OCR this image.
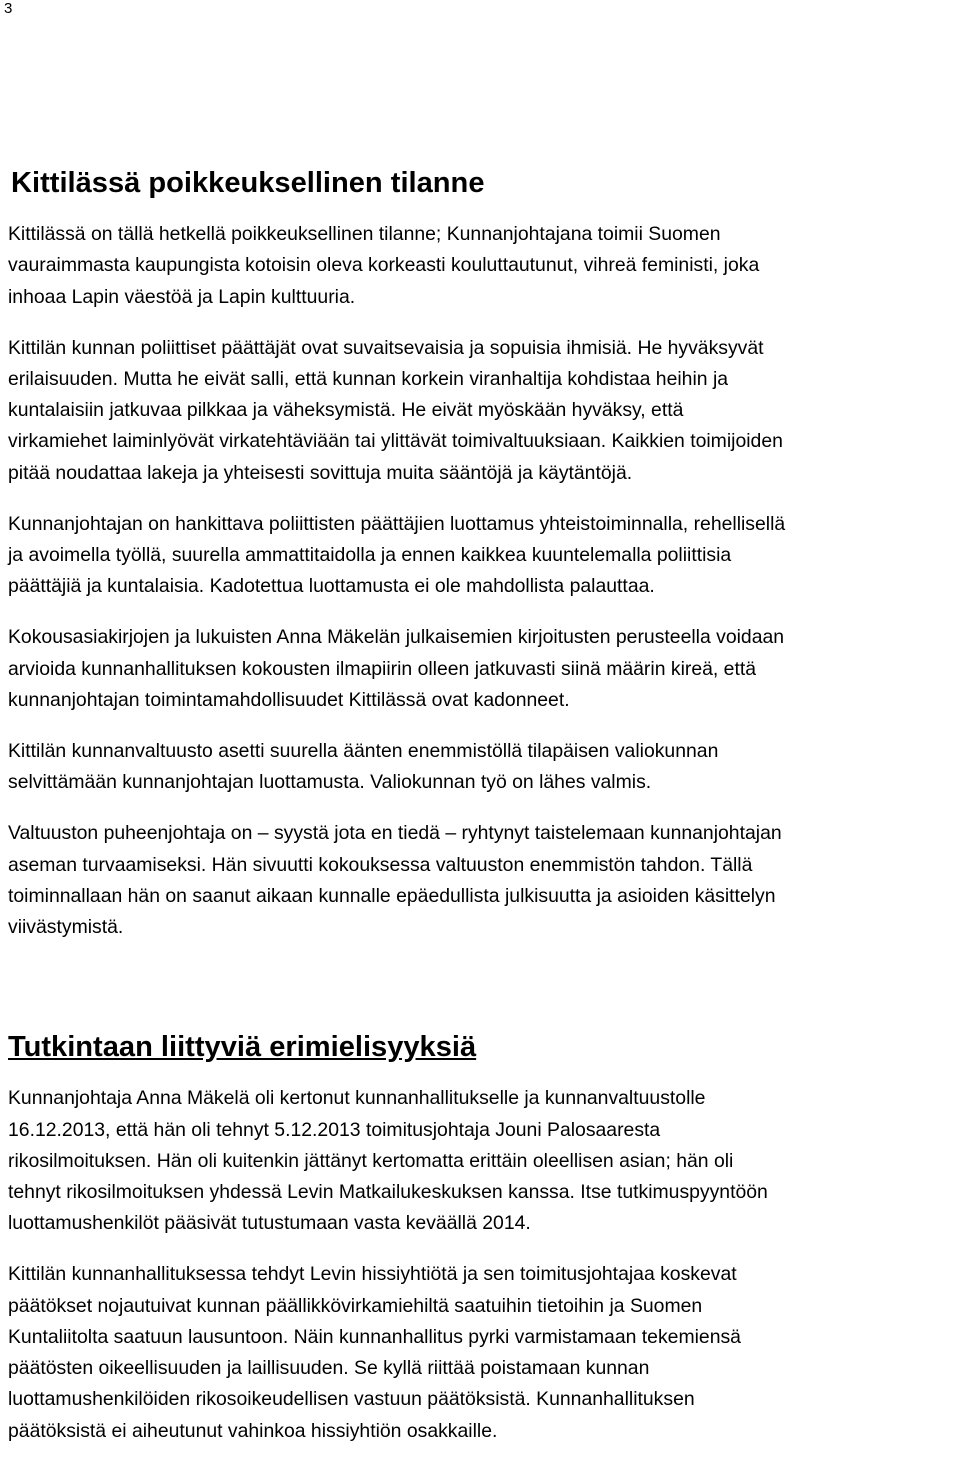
3
Kittilässä poikkeuksellinen tilanne

Kittilässä on tällä hetkellä poikkeuksellinen tilanne; Kunnanjohtajana toimii Suomen
vauraimmasta kaupungista kotoisin oleva korkeasti kouluttautunut, vihreä feministi, joka
inhoaa Lapin väestöä ja Lapin kulttuuria.

Kittilän kunnan poliittiset päättäjät ovat suvaitsevaisia ja sopuisia ihmisiä. He hyväksyvät
erilaisuuden. Mutta he eivät salli, että kunnan korkein viranhaltija kohdistaa heihin ja
kuntalaisiin jatkuvaa pilkkaa ja väheksymistä. He eivät myöskään hyväksy, että
virkamiehet laiminlyövät virkatehtäviään tai ylittävät toimivaltuuksiaan. Kaikkien toimijoiden
pitää noudattaa lakeja ja yhteisesti sovittuja muita sääntöjä ja käytäntöjä.

Kunnanjohtajan on hankittava poliittisten päättäjien luottamus yhteistoiminnalla, rehellisellä
ja avoimella työllä, suurella ammattitaidolla ja ennen kaikkea kuuntelemalla poliittisia
päättäjiä ja kuntalaisia. Kadotettua luottamusta ei ole mahdollista palauttaa.

Kokousasiakirjojen ja lukuisten Anna Mäkelän julkaisemien kirjoitusten perusteella voidaan
arvioida kunnanhallituksen kokousten ilmapiirin olleen jatkuvasti siinä määrin kireä, että
kunnanjohtajan toimintamahdollisuudet Kittilässä ovat kadonneet.

Kittilän kunnanvaltuusto asetti suurella äänten enemmistöllä tilapäisen valiokunnan
selvittämään kunnanjohtajan luottamusta. Valiokunnan työ on lähes valmis.

Valtuuston puheenjohtaja on – syystä jota en tiedä – ryhtynyt taistelemaan kunnanjohtajan
aseman turvaamiseksi. Hän sivuutti kokouksessa valtuuston enemmistön tahdon. Tällä
toiminnallaan hän on saanut aikaan kunnalle epäedullista julkisuutta ja asioiden käsittelyn
viivästymistä.

Tutkintaan liittyviä erimielisyyksiä

Kunnanjohtaja Anna Mäkelä oli kertonut kunnanhallitukselle ja kunnanvaltuustolle
16.12.2013, että hän oli tehnyt 5.12.2013 toimitusjohtaja Jouni Palosaaresta
rikosilmoituksen. Hän oli kuitenkin jättänyt kertomatta erittäin oleellisen asian; hän oli
tehnyt rikosilmoituksen yhdessä Levin Matkailukeskuksen kanssa. Itse tutkimuspyyntöön
luottamushenkilöt pääsivät tutustumaan vasta keväällä 2014.

Kittilän kunnanhallituksessa tehdyt Levin hissiyhtiötä ja sen toimitusjohtajaa koskevat
päätökset nojautuivat kunnan päällikkövirkamiehiltä saatuihin tietoihin ja Suomen
Kuntaliitolta saatuun lausuntoon. Näin kunnanhallitus pyrki varmistamaan tekemiensä
päätösten oikeellisuuden ja laillisuuden. Se kyllä riittää poistamaan kunnan
luottamushenkilöiden rikosoikeudellisen vastuun päätöksistä. Kunnanhallituksen
päätöksistä ei aiheutunut vahinkoa hissiyhtiön osakkaille.
